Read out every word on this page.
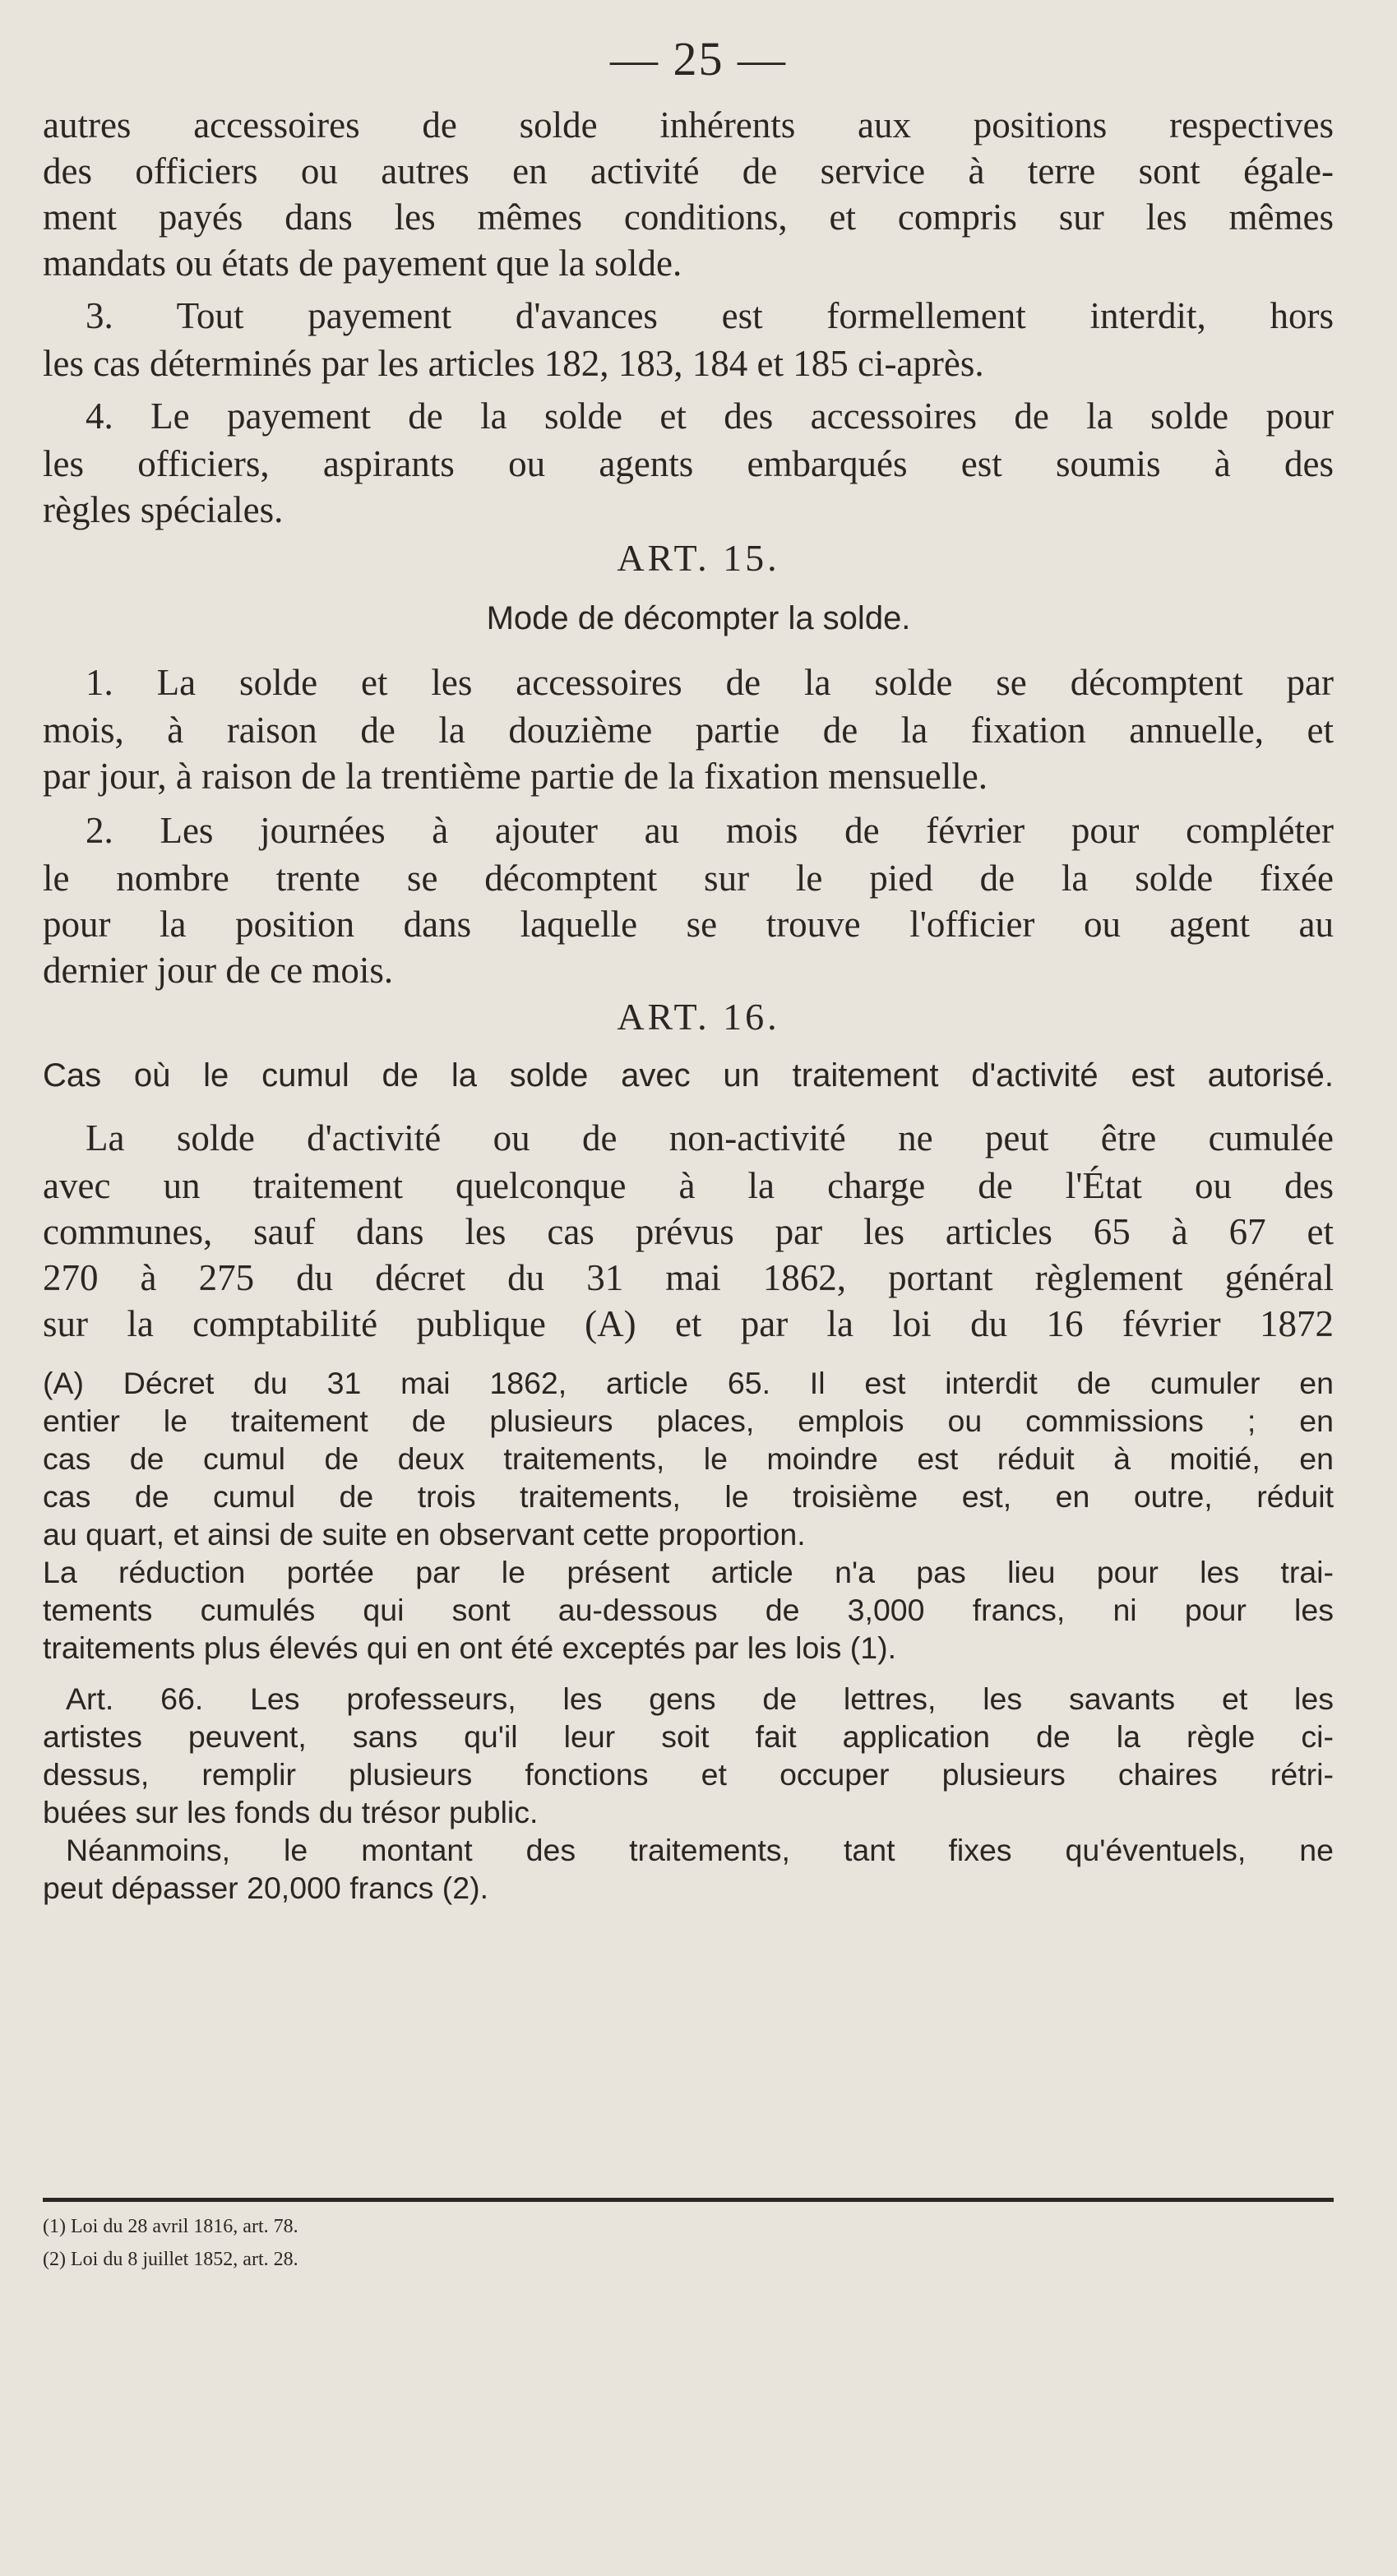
— 25 —

autres accessoires de solde inhérents aux positions respectives

des officiers ou autres en activité de service à terre sont égale-

ment payés dans les mêmes conditions, et compris sur les mêmes

mandats ou états de payement que la solde.

3. Tout payement d'avances est formellement interdit, hors

les cas déterminés par les articles 182, 183, 184 et 185 ci-après.

4. Le payement de la solde et des accessoires de la solde pour

les officiers, aspirants ou agents embarqués est soumis à des

règles spéciales.

ART. 15.

Mode de décompter la solde.

1. La solde et les accessoires de la solde se décomptent par

mois, à raison de la douzième partie de la fixation annuelle, et

par jour, à raison de la trentième partie de la fixation mensuelle.

2. Les journées à ajouter au mois de février pour compléter

le nombre trente se décomptent sur le pied de la solde fixée

pour la position dans laquelle se trouve l'officier ou agent au

dernier jour de ce mois.

ART. 16.

Cas où le cumul de la solde avec un traitement d'activité est autorisé.

La solde d'activité ou de non-activité ne peut être cumulée

avec un traitement quelconque à la charge de l'État ou des

communes, sauf dans les cas prévus par les articles 65 à 67 et

270 à 275 du décret du 31 mai 1862, portant règlement général

sur la comptabilité publique (A) et par la loi du 16 février 1872

(A) Décret du 31 mai 1862, article 65. Il est interdit de cumuler en

entier le traitement de plusieurs places, emplois ou commissions ; en

cas de cumul de deux traitements, le moindre est réduit à moitié, en

cas de cumul de trois traitements, le troisième est, en outre, réduit

au quart, et ainsi de suite en observant cette proportion.

La réduction portée par le présent article n'a pas lieu pour les trai-

tements cumulés qui sont au-dessous de 3,000 francs, ni pour les

traitements plus élevés qui en ont été exceptés par les lois (1).

Art. 66. Les professeurs, les gens de lettres, les savants et les

artistes peuvent, sans qu'il leur soit fait application de la règle ci-

dessus, remplir plusieurs fonctions et occuper plusieurs chaires rétri-

buées sur les fonds du trésor public.

Néanmoins, le montant des traitements, tant fixes qu'éventuels, ne

peut dépasser 20,000 francs (2).

(1) Loi du 28 avril 1816, art. 78.

(2) Loi du 8 juillet 1852, art. 28.
